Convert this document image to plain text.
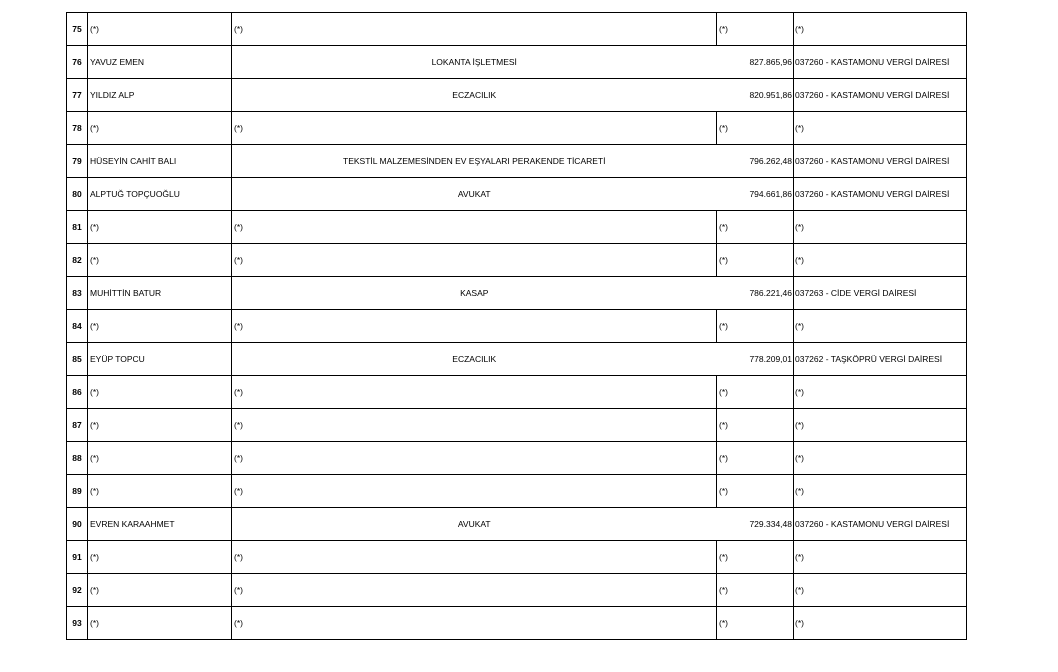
75	(*)	(*)	(*)	(*)
76	YAVUZ EMEN	LOKANTA İŞLETMESİ	827.865,96	037260 - KASTAMONU VERGİ DAİRESİ
77	YILDIZ ALP	ECZACILIK	820.951,86	037260 - KASTAMONU VERGİ DAİRESİ
78	(*)	(*)	(*)	(*)
79	HÜSEYİN CAHİT BALI	TEKSTİL MALZEMESİNDEN EV EŞYALARI PERAKENDE TİCARETİ	796.262,48	037260 - KASTAMONU VERGİ DAİRESİ
80	ALPTUĞ TOPÇUOĞLU	AVUKAT	794.661,86	037260 - KASTAMONU VERGİ DAİRESİ
81	(*)	(*)	(*)	(*)
82	(*)	(*)	(*)	(*)
83	MUHİTTİN BATUR	KASAP	786.221,46	037263 - CİDE VERGİ DAİRESİ
84	(*)	(*)	(*)	(*)
85	EYÜP TOPCU	ECZACILIK	778.209,01	037262 - TAŞKÖPRÜ VERGİ DAİRESİ
86	(*)	(*)	(*)	(*)
87	(*)	(*)	(*)	(*)
88	(*)	(*)	(*)	(*)
89	(*)	(*)	(*)	(*)
90	EVREN KARAAHMET	AVUKAT	729.334,48	037260 - KASTAMONU VERGİ DAİRESİ
91	(*)	(*)	(*)	(*)
92	(*)	(*)	(*)	(*)
93	(*)	(*)	(*)	(*)
